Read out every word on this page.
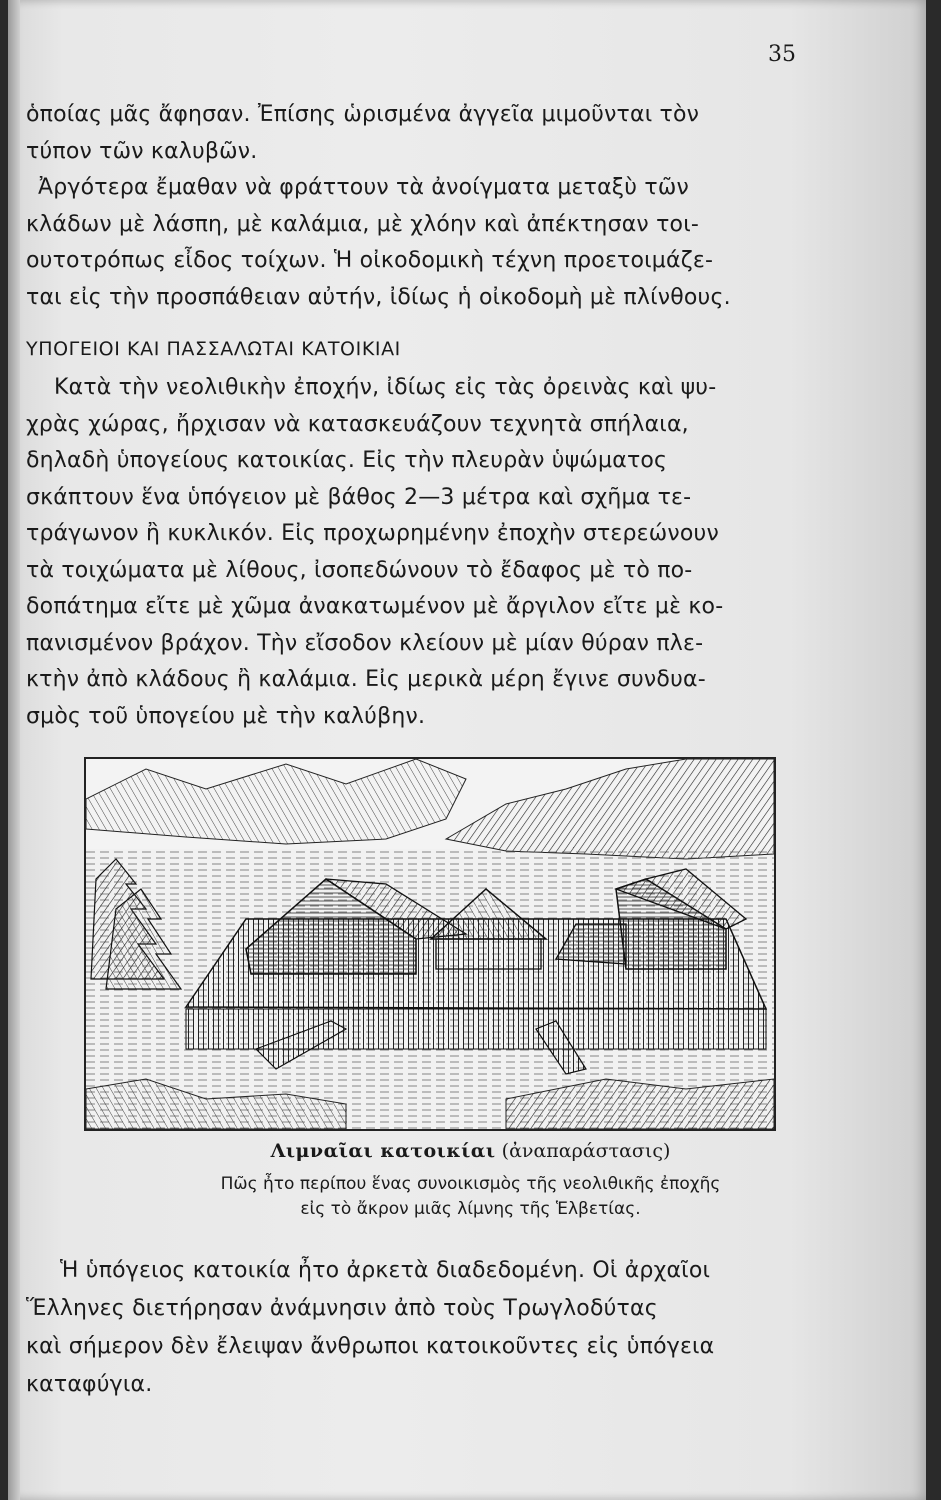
35
ὁποίας μᾶς ἄφησαν. Ἐπίσης ὡρισμένα ἀγγεῖα μιμοῦνται τὸν
τύπον τῶν καλυβῶν.
Ἀργότερα ἔμαθαν νὰ φράττουν τὰ ἀνοίγματα μεταξὺ τῶν
κλάδων μὲ λάσπη, μὲ καλάμια, μὲ χλόην καὶ ἀπέκτησαν τοι-
ουτοτρόπως εἶδος τοίχων. Ἡ οἰκοδομικὴ τέχνη προετοιμάζε-
ται εἰς τὴν προσπάθειαν αὐτήν, ἰδίως ἡ οἰκοδομὴ μὲ πλίνθους.
ΥΠΟΓΕΙΟΙ ΚΑΙ ΠΑΣΣΑΛΩΤΑΙ ΚΑΤΟΙΚΙΑΙ
Κατὰ τὴν νεολιθικὴν ἐποχήν, ἰδίως εἰς τὰς ὀρεινὰς καὶ ψυ-
χρὰς χώρας, ἤρχισαν νὰ κατασκευάζουν τεχνητὰ σπήλαια,
δηλαδὴ ὑπογείους κατοικίας. Εἰς τὴν πλευρὰν ὑψώματος
σκάπτουν ἕνα ὑπόγειον μὲ βάθος 2—3 μέτρα καὶ σχῆμα τε-
τράγωνον ἢ κυκλικόν. Εἰς προχωρημένην ἐποχὴν στερεώνουν
τὰ τοιχώματα μὲ λίθους, ἰσοπεδώνουν τὸ ἔδαφος μὲ τὸ πο-
δοπάτημα εἴτε μὲ χῶμα ἀνακατωμένον μὲ ἄργιλον εἴτε μὲ κο-
πανισμένον βράχον. Τὴν εἴσοδον κλείουν μὲ μίαν θύραν πλε-
κτὴν ἀπὸ κλάδους ἢ καλάμια. Εἰς μερικὰ μέρη ἔγινε συνδυα-
σμὸς τοῦ ὑπογείου μὲ τὴν καλύβην.
Λιμναῖαι κατοικίαι (ἀναπαράστασις)
Πῶς ἦτο περίπου ἕνας συνοικισμὸς τῆς νεολιθικῆς ἐποχῆς
εἰς τὸ ἄκρον μιᾶς λίμνης τῆς Ἑλβετίας.
Ἡ ὑπόγειος κατοικία ἦτο ἀρκετὰ διαδεδομένη. Οἱ ἀρχαῖοι
Ἕλληνες διετήρησαν ἀνάμνησιν ἀπὸ τοὺς Τρωγλοδύτας
καὶ σήμερον δὲν ἔλειψαν ἄνθρωποι κατοικοῦντες εἰς ὑπόγεια
καταφύγια.
